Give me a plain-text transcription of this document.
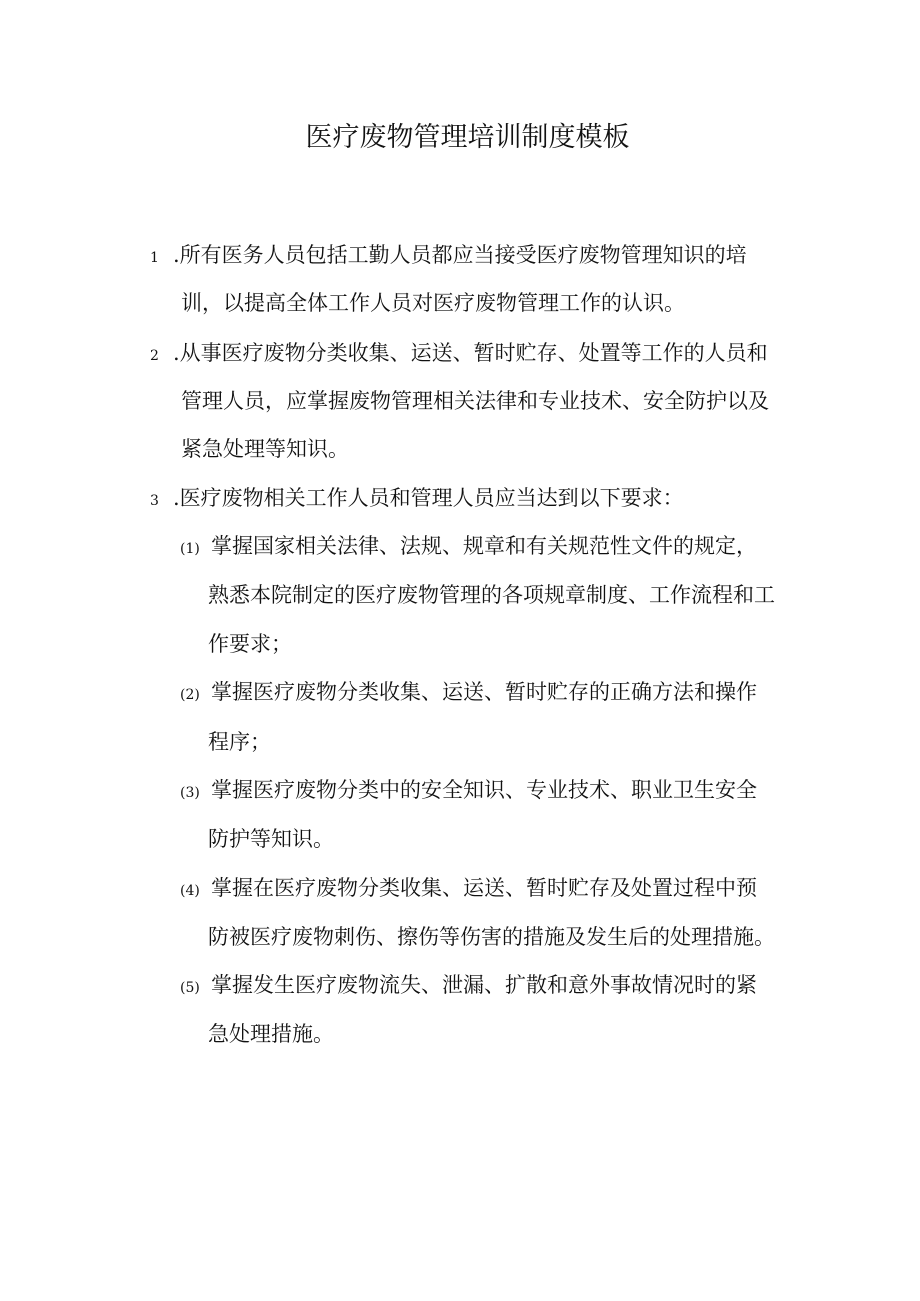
医疗废物管理培训制度模板
1 .所有医务人员包括工勤人员都应当接受医疗废物管理知识的培
训，以提高全体工作人员对医疗废物管理工作的认识。
2 .从事医疗废物分类收集、运送、暂时贮存、处置等工作的人员和
管理人员，应掌握废物管理相关法律和专业技术、安全防护以及
紧急处理等知识。
3 .医疗废物相关工作人员和管理人员应当达到以下要求：
(1) 掌握国家相关法律、法规、规章和有关规范性文件的规定，
熟悉本院制定的医疗废物管理的各项规章制度、工作流程和工
作要求；
(2) 掌握医疗废物分类收集、运送、暂时贮存的正确方法和操作
程序；
(3) 掌握医疗废物分类中的安全知识、专业技术、职业卫生安全
防护等知识。
(4) 掌握在医疗废物分类收集、运送、暂时贮存及处置过程中预
防被医疗废物刺伤、擦伤等伤害的措施及发生后的处理措施。
(5) 掌握发生医疗废物流失、泄漏、扩散和意外事故情况时的紧
急处理措施。
